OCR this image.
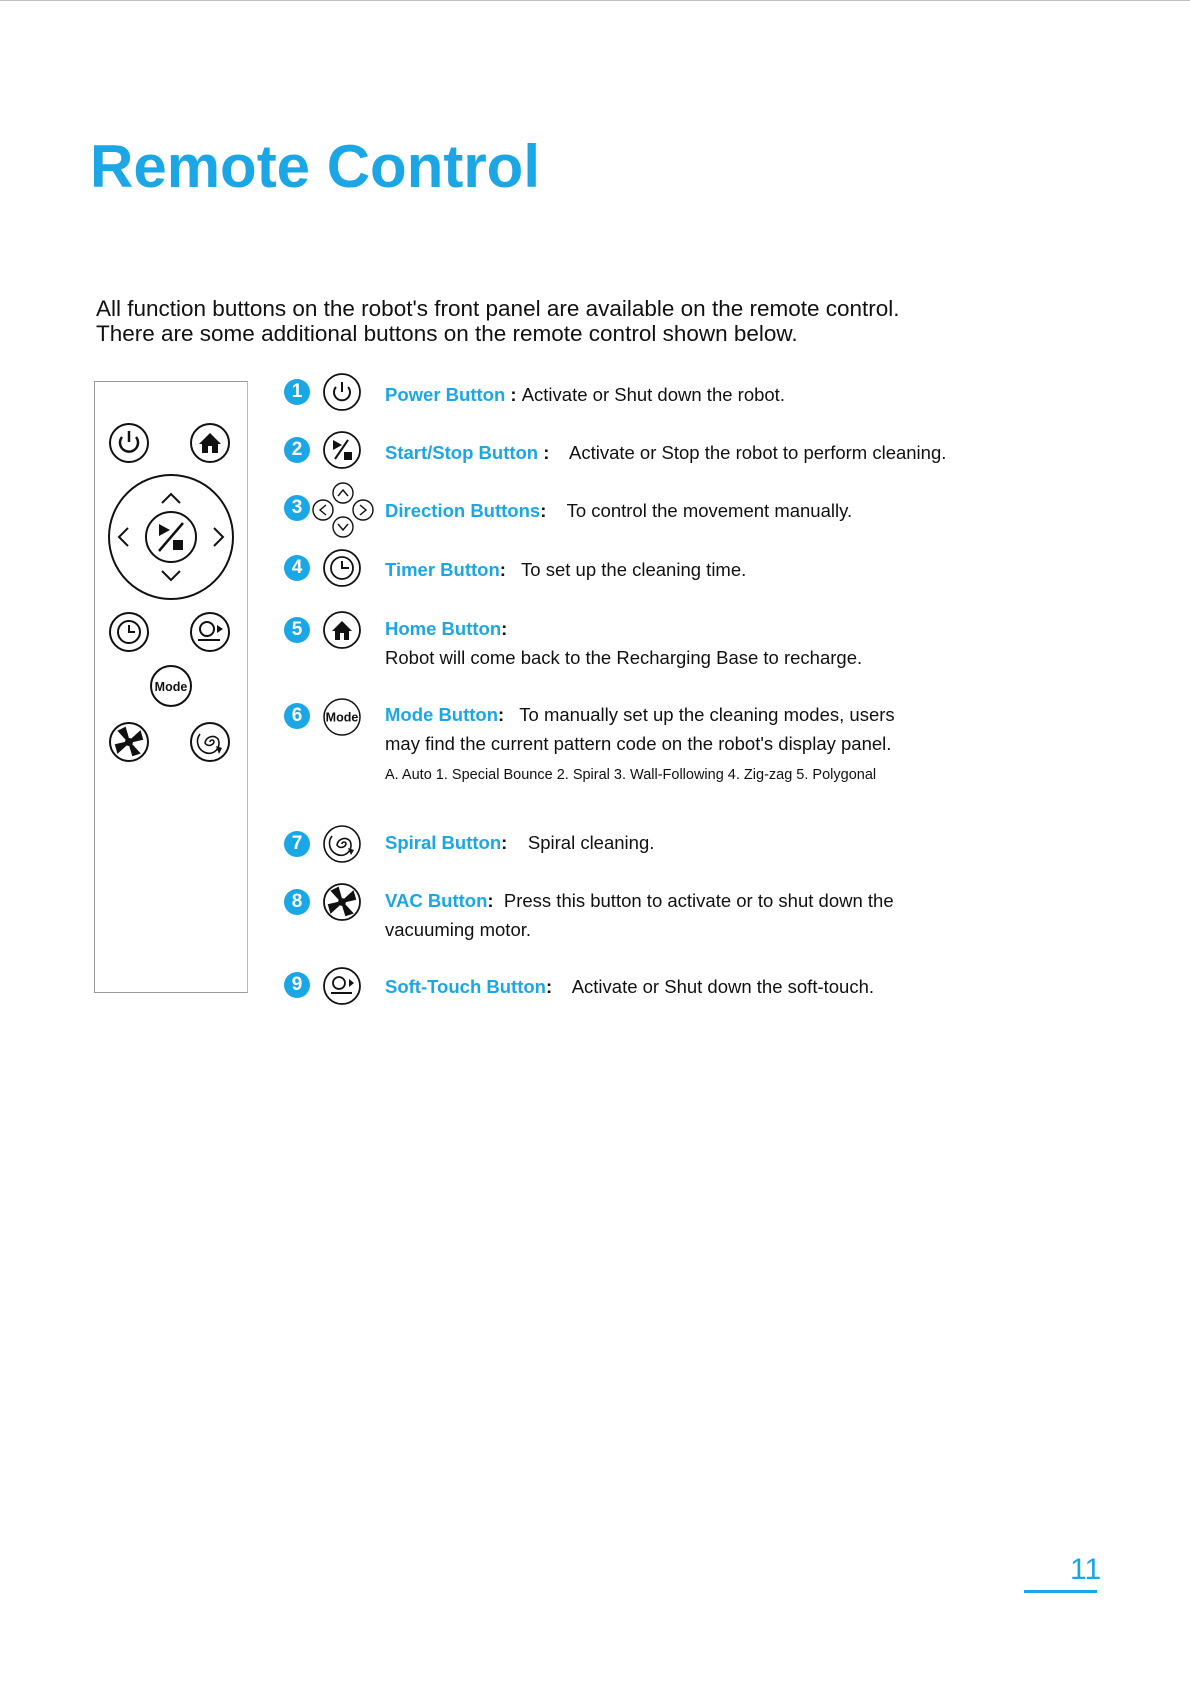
Remote Control

All function buttons on the robot's front panel are available on the remote control.
There are some additional buttons on the remote control shown below.

Mode
1	Power Button : Activate or Shut down the robot.
2	Start/Stop Button :    Activate or Stop the robot to perform cleaning.
3	Direction Buttons: To control the movement manually.
4	Timer Button: To set up the cleaning time.
5	Home Button:
Robot will come back to the Recharging Base to recharge.
6	Mode Mode Button: To manually set up the cleaning modes, users
may find the current pattern code on the robot's display panel.
A. Auto 1. Special Bounce 2. Spiral 3. Wall-Following 4. Zig-zag 5. Polygonal
7	Spiral Button: Spiral cleaning.
8	VAC Button: Press this button to activate or to shut down the
vacuuming motor.
9	Soft-Touch Button: Activate or Shut down the soft-touch.
11
